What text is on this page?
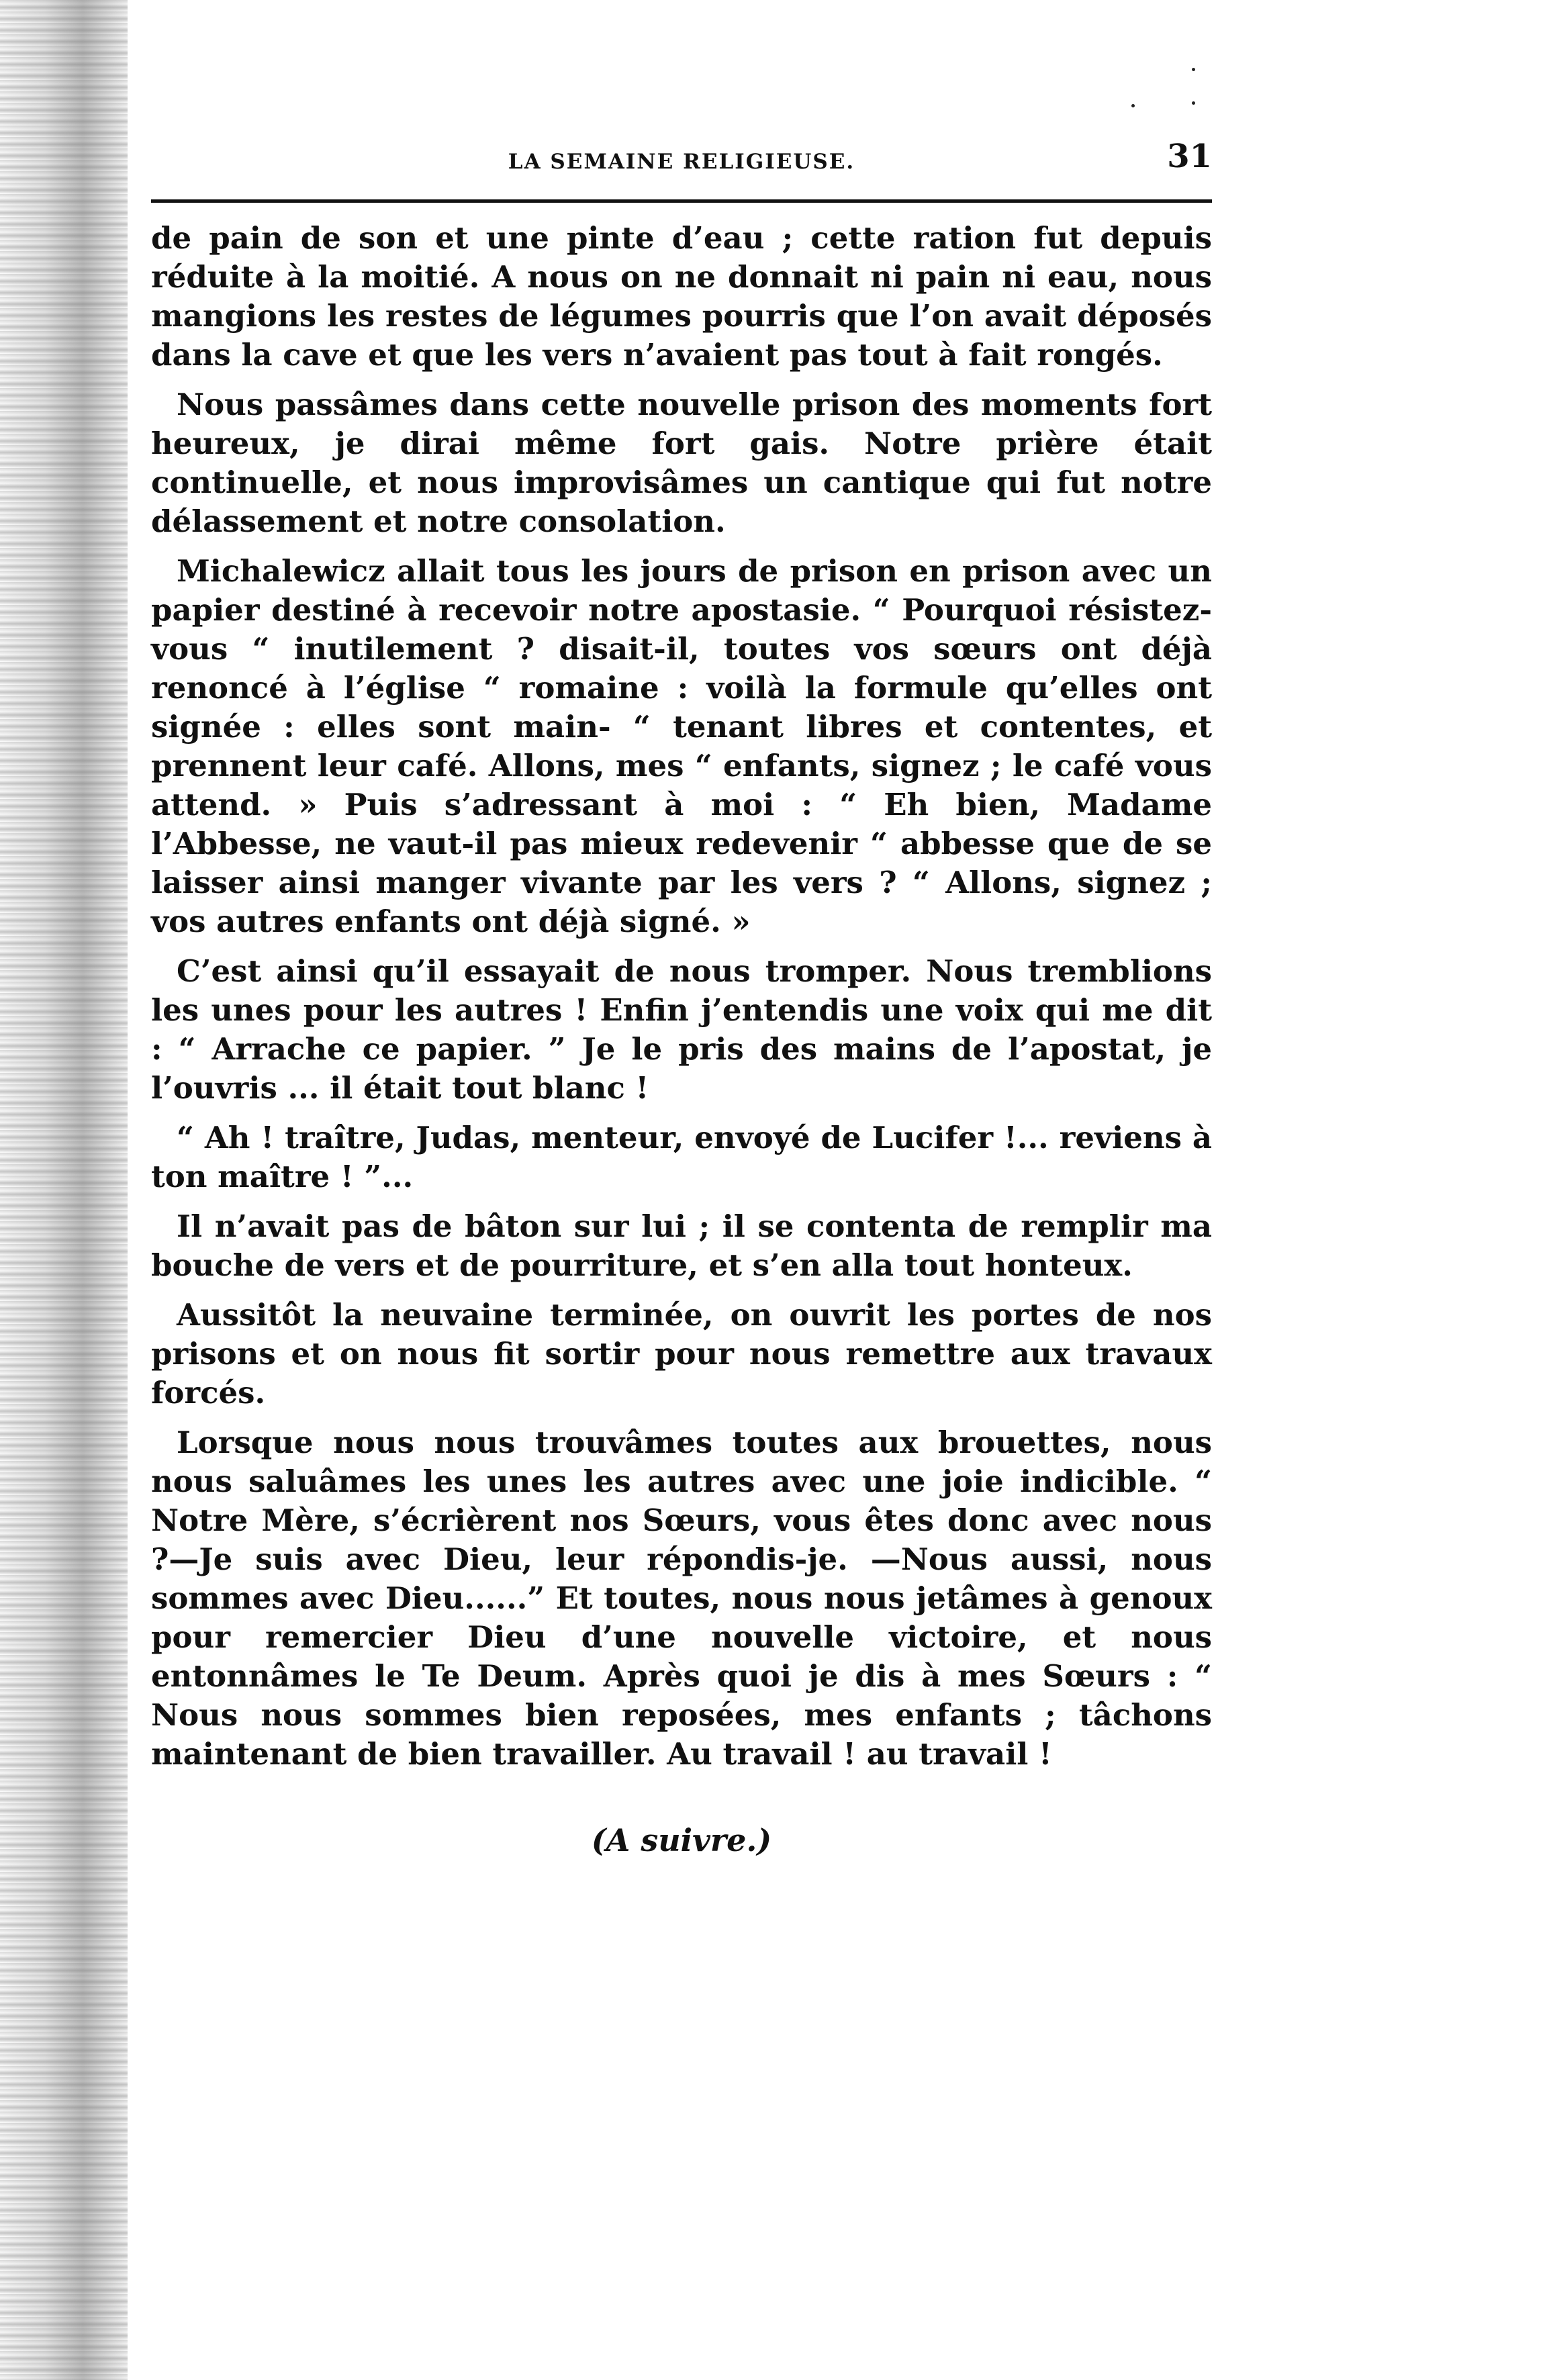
LA SEMAINE RELIGIEUSE.	31

de pain de son et une pinte d’eau ; cette ration fut depuis réduite à la moitié. A nous on ne donnait ni pain ni eau, nous mangions les restes de légumes pourris que l’on avait déposés dans la cave et que les vers n’avaient pas tout à fait rongés.

Nous passâmes dans cette nouvelle prison des moments fort heureux, je dirai même fort gais. Notre prière était continuelle, et nous improvisâmes un cantique qui fut notre délassement et notre consolation.

Michalewicz allait tous les jours de prison en prison avec un papier destiné à recevoir notre apostasie. “ Pourquoi résistez-vous “ inutilement ? disait-il, toutes vos sœurs ont déjà renoncé à l’église “ romaine : voilà la formule qu’elles ont signée : elles sont main- “ tenant libres et contentes, et prennent leur café. Allons, mes “ enfants, signez ; le café vous attend. » Puis s’adressant à moi : “ Eh bien, Madame l’Abbesse, ne vaut-il pas mieux redevenir “ abbesse que de se laisser ainsi manger vivante par les vers ? “ Allons, signez ; vos autres enfants ont déjà signé. »

C’est ainsi qu’il essayait de nous tromper. Nous tremblions les unes pour les autres ! Enfin j’entendis une voix qui me dit : “ Arrache ce papier. ” Je le pris des mains de l’apostat, je l’ouvris ... il était tout blanc !

“ Ah ! traître, Judas, menteur, envoyé de Lucifer !... reviens à ton maître ! ”...

Il n’avait pas de bâton sur lui ; il se contenta de remplir ma bouche de vers et de pourriture, et s’en alla tout honteux.

Aussitôt la neuvaine terminée, on ouvrit les portes de nos prisons et on nous fit sortir pour nous remettre aux travaux forcés.

Lorsque nous nous trouvâmes toutes aux brouettes, nous nous saluâmes les unes les autres avec une joie indicible. “ Notre Mère, s’écrièrent nos Sœurs, vous êtes donc avec nous ?—Je suis avec Dieu, leur répondis-je. —Nous aussi, nous sommes avec Dieu......” Et toutes, nous nous jetâmes à genoux pour remercier Dieu d’une nouvelle victoire, et nous entonnâmes le Te Deum. Après quoi je dis à mes Sœurs : “ Nous nous sommes bien reposées, mes enfants ; tâchons maintenant de bien travailler. Au travail ! au travail !

(A suivre.)
